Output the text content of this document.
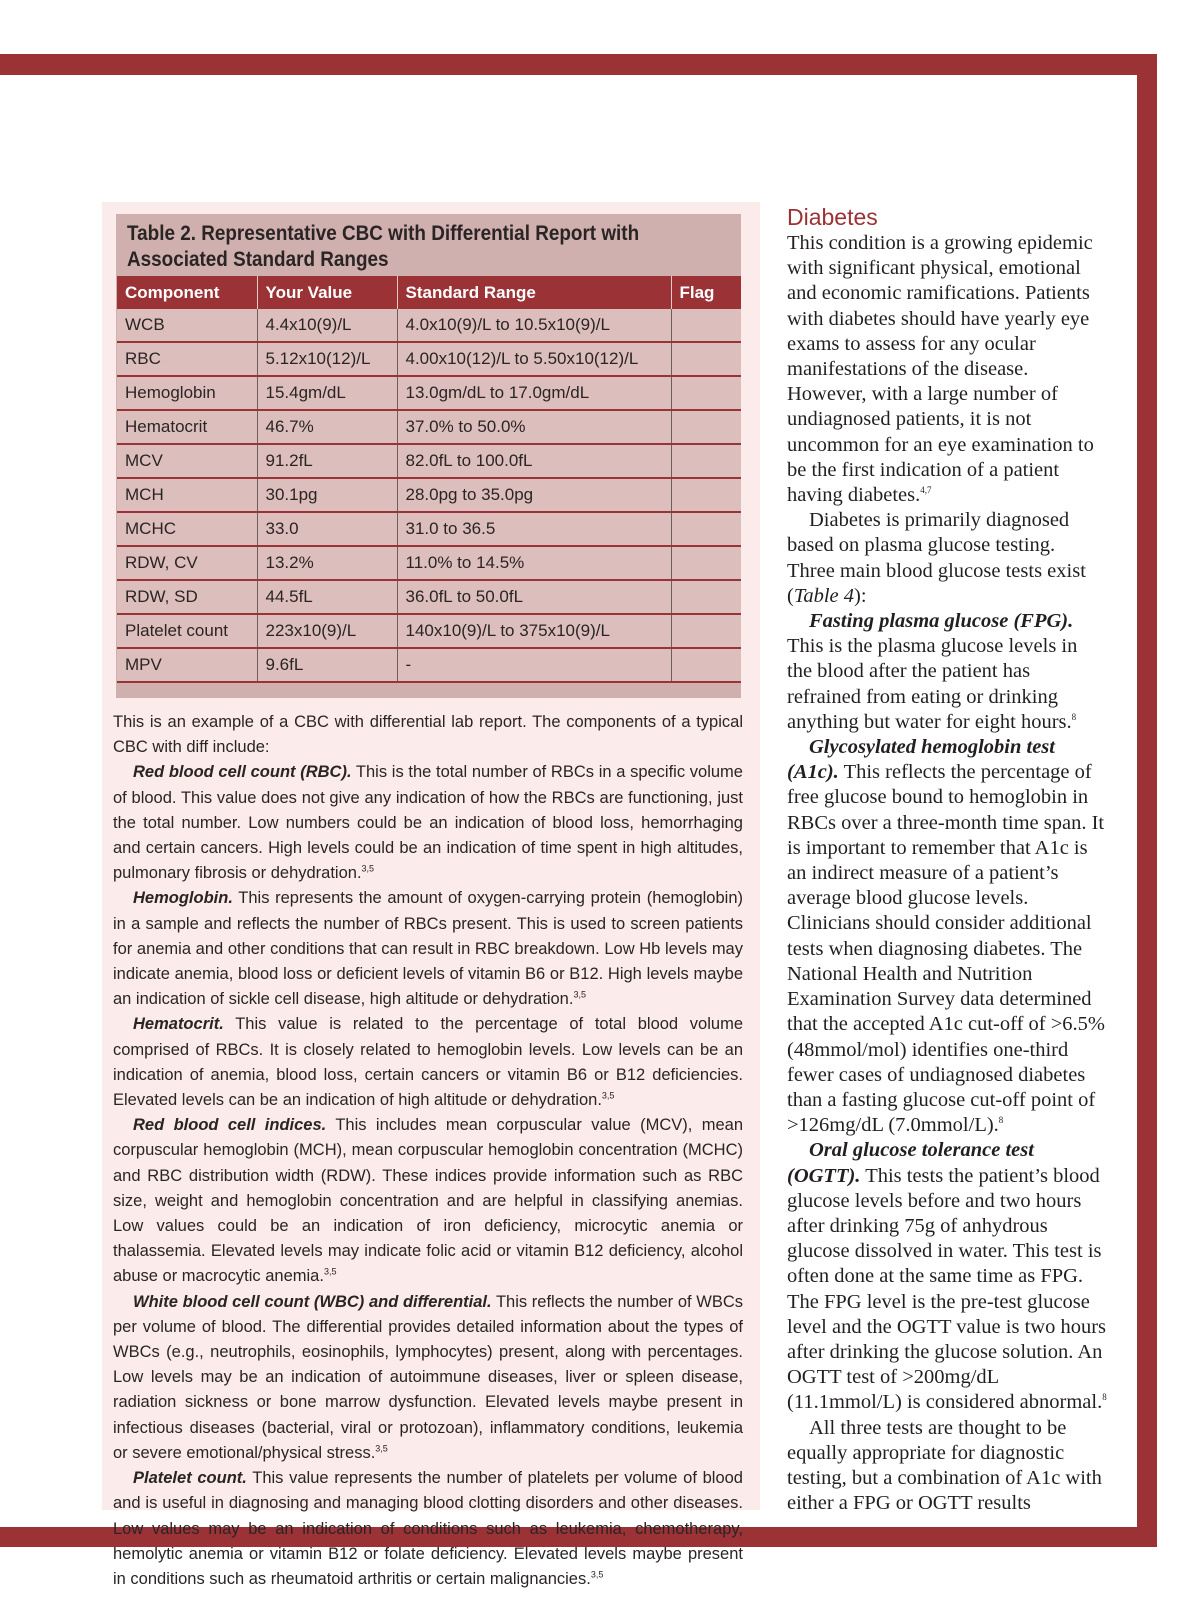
Table 2. Representative CBC with Differential Report with Associated Standard Ranges
Component	Your Value	Standard Range	Flag
WCB	4.4x10(9)/L	4.0x10(9)/L to 10.5x10(9)/L	
RBC	5.12x10(12)/L	4.00x10(12)/L to 5.50x10(12)/L	
Hemoglobin	15.4gm/dL	13.0gm/dL to 17.0gm/dL	
Hematocrit	46.7%	37.0% to 50.0%	
MCV	91.2fL	82.0fL to 100.0fL	
MCH	30.1pg	28.0pg to 35.0pg	
MCHC	33.0	31.0 to 36.5	
RDW, CV	13.2%	11.0% to 14.5%	
RDW, SD	44.5fL	36.0fL to 50.0fL	
Platelet count	223x10(9)/L	140x10(9)/L to 375x10(9)/L	
MPV	9.6fL	-	

This is an example of a CBC with differential lab report. The components of a typical CBC with diff include:

Red blood cell count (RBC). This is the total number of RBCs in a specific volume of blood. This value does not give any indication of how the RBCs are functioning, just the total number. Low numbers could be an indication of blood loss, hemorrhaging and certain cancers. High levels could be an indication of time spent in high altitudes, pulmonary fibrosis or dehydration.$^{3,5}$

Hemoglobin. This represents the amount of oxygen-carrying protein (hemoglobin) in a sample and reflects the number of RBCs present. This is used to screen patients for anemia and other conditions that can result in RBC breakdown. Low Hb levels may indicate anemia, blood loss or deficient levels of vitamin B6 or B12. High levels maybe an indication of sickle cell disease, high altitude or dehydration.$^{3,5}$

Hematocrit. This value is related to the percentage of total blood volume comprised of RBCs. It is closely related to hemoglobin levels. Low levels can be an indication of anemia, blood loss, certain cancers or vitamin B6 or B12 deficiencies. Elevated levels can be an indication of high altitude or dehydration.$^{3,5}$

Red blood cell indices. This includes mean corpuscular value (MCV), mean corpuscular hemoglobin (MCH), mean corpuscular hemoglobin concentration (MCHC) and RBC distribution width (RDW). These indices provide information such as RBC size, weight and hemoglobin concentration and are helpful in classifying anemias. Low values could be an indication of iron deficiency, microcytic anemia or thalassemia. Elevated levels may indicate folic acid or vitamin B12 deficiency, alcohol abuse or macrocytic anemia.$^{3,5}$

White blood cell count (WBC) and differential. This reflects the number of WBCs per volume of blood. The differential provides detailed information about the types of WBCs (e.g., neutrophils, eosinophils, lymphocytes) present, along with percentages. Low levels may be an indication of autoimmune diseases, liver or spleen disease, radiation sickness or bone marrow dysfunction. Elevated levels maybe present in infectious diseases (bacterial, viral or protozoan), inflammatory conditions, leukemia or severe emotional/physical stress.$^{3,5}$

Platelet count. This value represents the number of platelets per volume of blood and is useful in diagnosing and managing blood clotting disorders and other diseases. Low values may be an indication of conditions such as leukemia, chemotherapy, hemolytic anemia or vitamin B12 or folate deficiency. Elevated levels maybe present in conditions such as rheumatoid arthritis or certain malignancies.$^{3,5}$

Diabetes

This condition is a growing epidemic with significant physical, emotional and economic ramifications. Patients with diabetes should have yearly eye exams to assess for any ocular manifestations of the disease. However, with a large number of undiagnosed patients, it is not uncommon for an eye examination to be the first indication of a patient having diabetes.$^{4,7}$

Diabetes is primarily diagnosed based on plasma glucose testing. Three main blood glucose tests exist (Table 4):

Fasting plasma glucose (FPG). This is the plasma glucose levels in the blood after the patient has refrained from eating or drinking anything but water for eight hours.$^8$

Glycosylated hemoglobin test (A1c). This reflects the percentage of free glucose bound to hemoglobin in RBCs over a three-month time span. It is important to remember that A1c is an indirect measure of a patient’s average blood glucose levels. Clinicians should consider additional tests when diagnosing diabetes. The National Health and Nutrition Examination Survey data determined that the accepted A1c cut-off of >6.5% (48mmol/mol) identifies one-third fewer cases of undiagnosed diabetes than a fasting glucose cut-off point of >126mg/dL (7.0mmol/L).$^8$

Oral glucose tolerance test (OGTT). This tests the patient’s blood glucose levels before and two hours after drinking 75g of anhydrous glucose dissolved in water. This test is often done at the same time as FPG. The FPG level is the pre-test glucose level and the OGTT value is two hours after drinking the glucose solution. An OGTT test of >200mg/dL (11.1mmol/L) is considered abnormal.$^8$

All three tests are thought to be equally appropriate for diagnostic testing, but a combination of A1c with either a FPG or OGTT results
